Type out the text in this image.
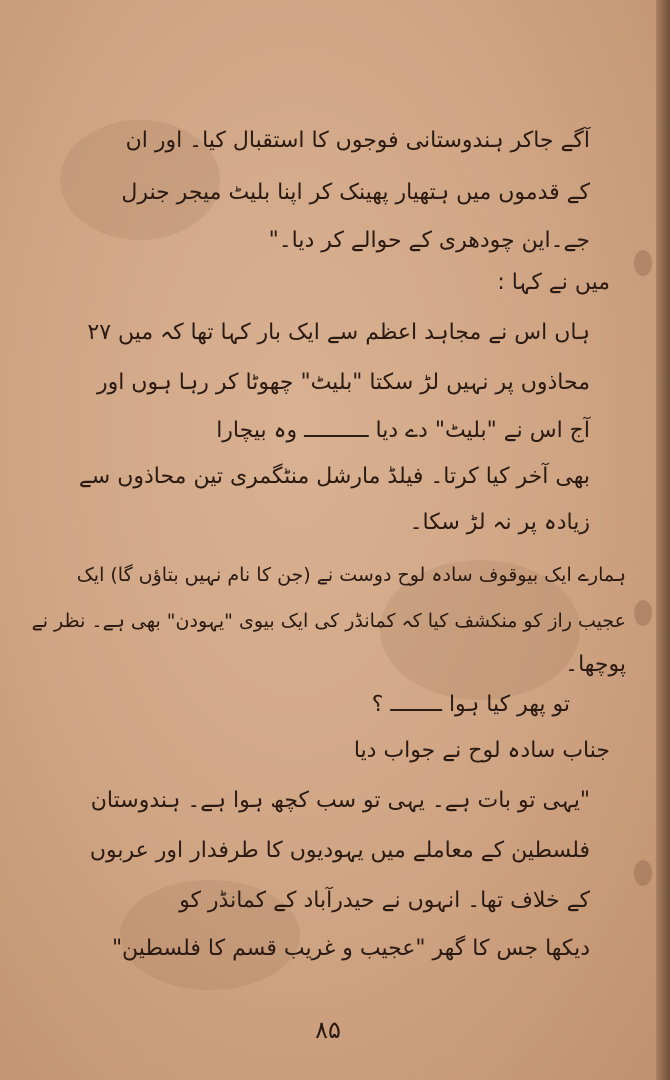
آگے جاکر ہندوستانی فوجوں کا استقبال کیا۔ اور ان
کے قدموں میں ہتھیار پھینک کر اپنا بلیٹ میجر جنرل
جے۔این چودھری کے حوالے کر دیا۔"
میں نے کہا :
ہاں اس نے مجاہد اعظم سے ایک بار کہا تھا کہ میں ۲۷
محاذوں پر نہیں لڑ سکتا "بلیٹ" چھوٹا کر رہا ہوں اور
آج اس نے "بلیٹ" دے دیا ــــــــــ وہ بیچارا
بھی آخر کیا کرتا۔ فیلڈ مارشل منٹگمری تین محاذوں سے
زیادہ پر نہ لڑ سکا۔
ہمارے ایک بیوقوف سادہ لوح دوست نے (جن کا نام نہیں بتاؤں گا) ایک
عجیب راز کو منکشف کیا کہ کمانڈر کی ایک بیوی "یہودن" بھی ہے۔ نظر نے
پوچھا۔
تو پھر کیا ہوا ــــــــ ؟
جناب سادہ لوح نے جواب دیا
"یہی تو بات ہے۔ یہی تو سب کچھ ہوا ہے۔ ہندوستان
فلسطین کے معاملے میں یہودیوں کا طرفدار اور عربوں
کے خلاف تھا۔ انہوں نے حیدرآباد کے کمانڈر کو
دیکھا جس کا گھر "عجیب و غریب قسم کا فلسطین"
۸۵
